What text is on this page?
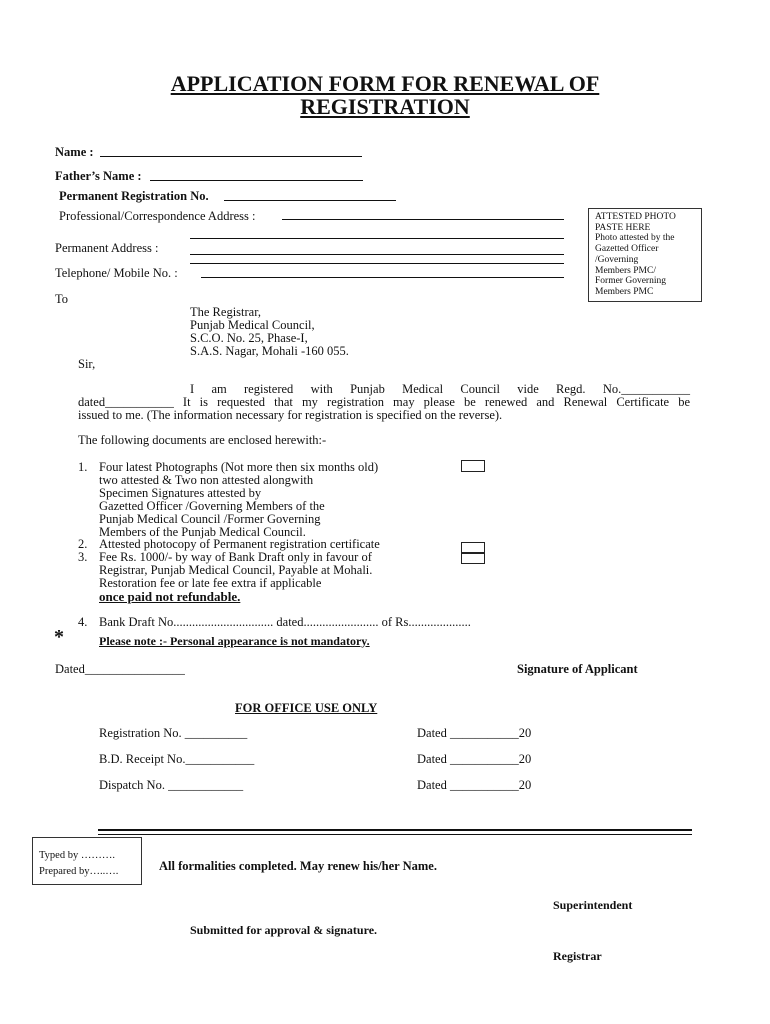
APPLICATION FORM FOR RENEWAL OF
REGISTRATION
Name :
Father’s Name :
Permanent Registration No.
Professional/Correspondence Address :
Permanent Address :
Telephone/ Mobile No. :
ATTESTED PHOTO
PASTE HERE
Photo attested by the
Gazetted Officer
/Governing
Members PMC/
Former Governing
Members PMC
To
The Registrar,
Punjab Medical Council,
S.C.O. No. 25, Phase-I,
S.A.S. Nagar, Mohali -160 055.
Sir,
I am registered with Punjab Medical Council vide Regd. No.___________
dated___________ It is requested that my registration may please be renewed and Renewal Certificate be
issued to me. (The information necessary for registration is specified on the reverse).
The following documents are enclosed herewith:-
1. Four latest Photographs (Not more then six months old)
two attested & Two non attested alongwith
Specimen Signatures attested by
Gazetted Officer /Governing Members of the
Punjab Medical Council /Former Governing
Members of the Punjab Medical Council.
2. Attested photocopy of Permanent registration certificate
3. Fee Rs. 1000/- by way of Bank Draft only in favour of
Registrar, Punjab Medical Council, Payable at Mohali.
Restoration fee or late fee extra if applicable
once paid not refundable.
4. Bank Draft No................................ dated........................ of Rs....................
*	Please note :- Personal appearance is not mandatory.
Dated________________	Signature of Applicant
FOR OFFICE USE ONLY
Registration No. __________	Dated ___________20
B.D. Receipt No.___________	Dated ___________20
Dispatch No. ____________	Dated ___________20
Typed by ……….
Prepared by…..….	All formalities completed. May renew his/her Name.
Superintendent
Submitted for approval & signature.
Registrar
